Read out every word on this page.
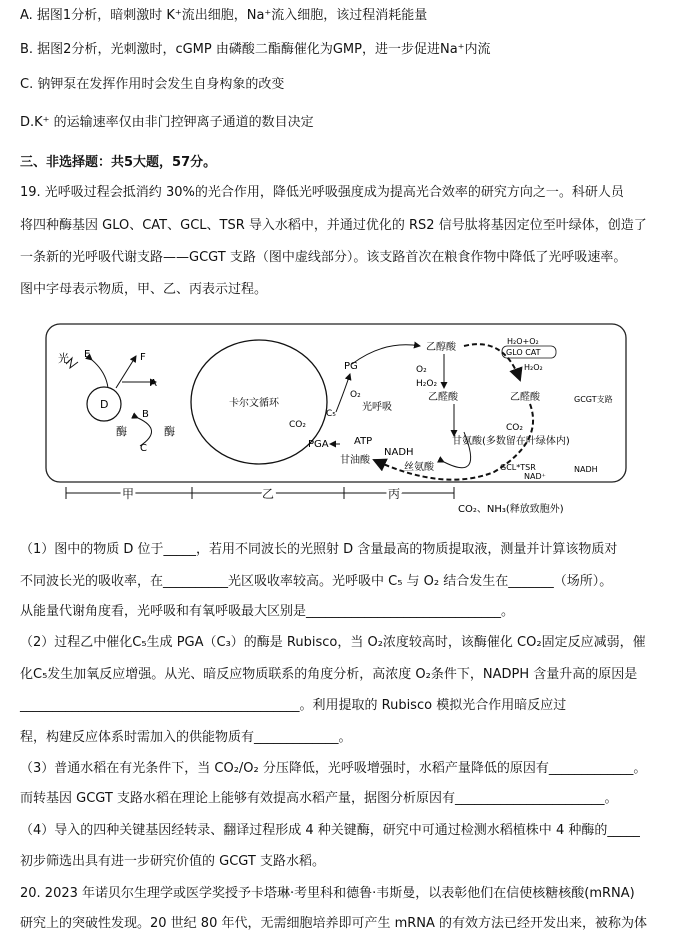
A. 据图1分析，暗刺激时 K⁺流出细胞，Na⁺流入细胞，该过程消耗能量
B. 据图2分析，光刺激时，cGMP 由磷酸二酯酶催化为GMP，进一步促进Na⁺内流
C. 钠钾泵在发挥作用时会发生自身构象的改变
D.K⁺ 的运输速率仅由非门控钾离子通道的数目决定
三、非选择题：共5大题，57分。
19. 光呼吸过程会抵消约 30%的光合作用，降低光呼吸强度成为提高光合效率的研究方向之一。科研人员
将四种酶基因 GLO、CAT、GCL、TSR 导入水稻中，并通过优化的 RS2 信号肽将基因定位至叶绿体，创造了
一条新的光呼吸代谢支路——GCGT 支路（图中虚线部分）。该支路首次在粮食作物中降低了光呼吸速率。
图中字母表示物质，甲、乙、丙表示过程。
光
D
E	F
A
B
C
酶	酶
卡尔文循环
CO₂
PG
O₂
C₅
PGA	ATP
甘油酸
NADH
丝氨酸
光呼吸
乙醇酸
O₂
H₂O₂
乙醛酸	乙醛酸
H₂O+O₂
GLO CAT
H₂O₂
GCGT支路
CO₂
甘氨酸(多数留在叶绿体内)
GCL*TSR
NAD⁺
NADH
甲	乙	丙
CO₂、NH₃(释放致胞外)
（1）图中的物质 D 位于_____，若用不同波长的光照射 D 含量最高的物质提取液，测量并计算该物质对
不同波长光的吸收率，在__________光区吸收率较高。光呼吸中 C₅ 与 O₂ 结合发生在_______（场所）。
从能量代谢角度看，光呼吸和有氧呼吸最大区别是______________________________。
（2）过程乙中催化C₅生成 PGA（C₃）的酶是 Rubisco，当 O₂浓度较高时，该酶催化 CO₂固定反应减弱，催
化C₅发生加氧反应增强。从光、暗反应物质联系的角度分析，高浓度 O₂条件下，NADPH 含量升高的原因是
___________________________________________。利用提取的 Rubisco 模拟光合作用暗反应过
程，构建反应体系时需加入的供能物质有_____________。
（3）普通水稻在有光条件下，当 CO₂/O₂ 分压降低，光呼吸增强时，水稻产量降低的原因有_____________。
而转基因 GCGT 支路水稻在理论上能够有效提高水稻产量，据图分析原因有_______________________。
（4）导入的四种关键基因经转录、翻译过程形成 4 种关键酶，研究中可通过检测水稻植株中 4 种酶的_____
初步筛选出具有进一步研究价值的 GCGT 支路水稻。
20. 2023 年诺贝尔生理学或医学奖授予卡塔琳·考里科和德鲁·韦斯曼，以表彰他们在信使核糖核酸(mRNA)
研究上的突破性发现。20 世纪 80 年代，无需细胞培养即可产生 mRNA 的有效方法已经开发出来，被称为体
